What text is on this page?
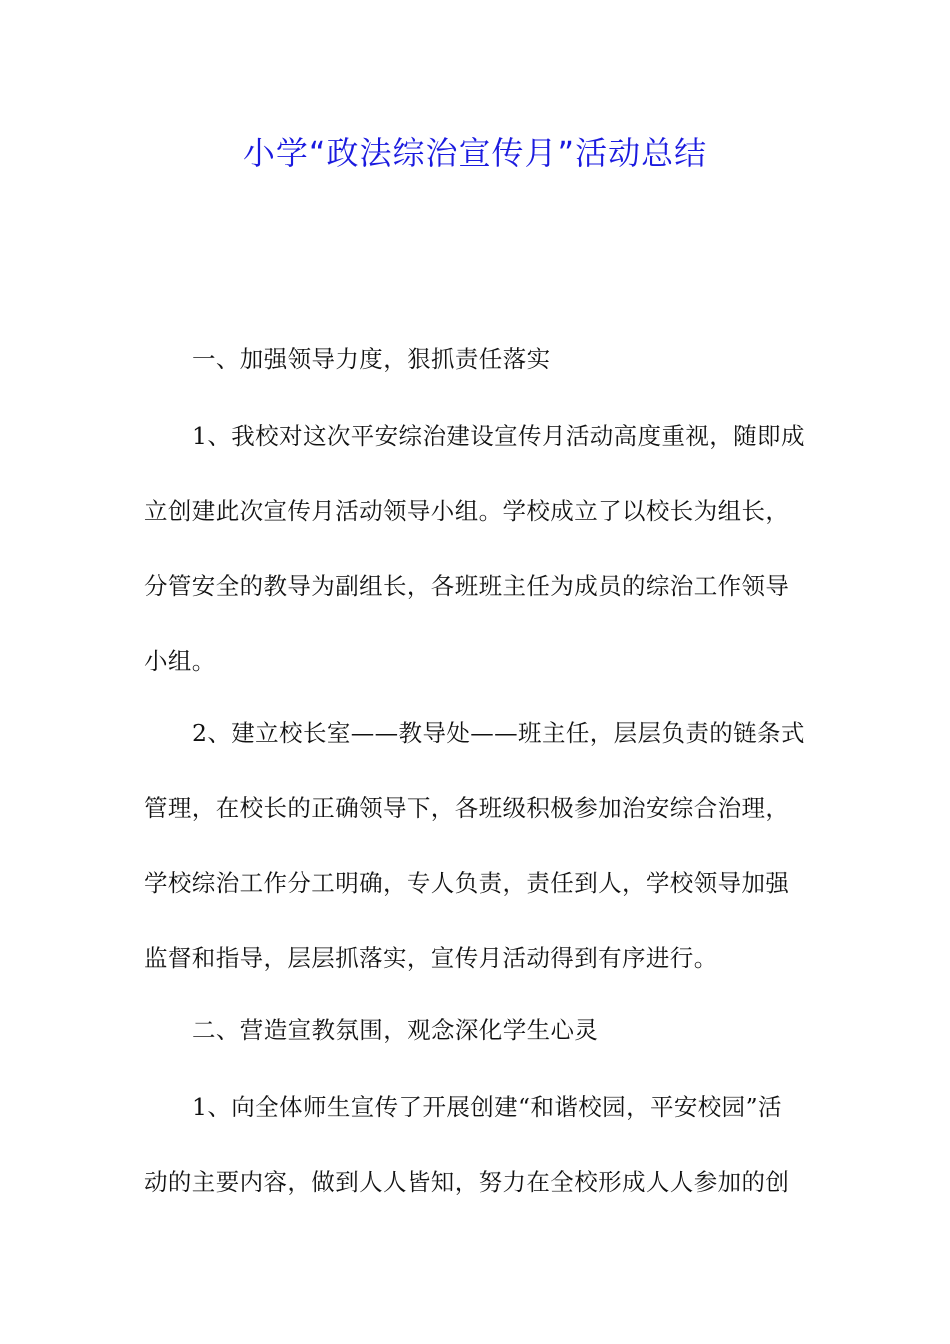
小学“政法综治宣传月”活动总结
一、加强领导力度，狠抓责任落实
1、我校对这次平安综治建设宣传月活动高度重视，随即成
立创建此次宣传月活动领导小组。学校成立了以校长为组长，
分管安全的教导为副组长，各班班主任为成员的综治工作领导
小组。
2、建立校长室——教导处——班主任，层层负责的链条式
管理，在校长的正确领导下，各班级积极参加治安综合治理，
学校综治工作分工明确，专人负责，责任到人，学校领导加强
监督和指导，层层抓落实，宣传月活动得到有序进行。
二、营造宣教氛围，观念深化学生心灵
1、向全体师生宣传了开展创建“和谐校园，平安校园”活
动的主要内容，做到人人皆知，努力在全校形成人人参加的创
